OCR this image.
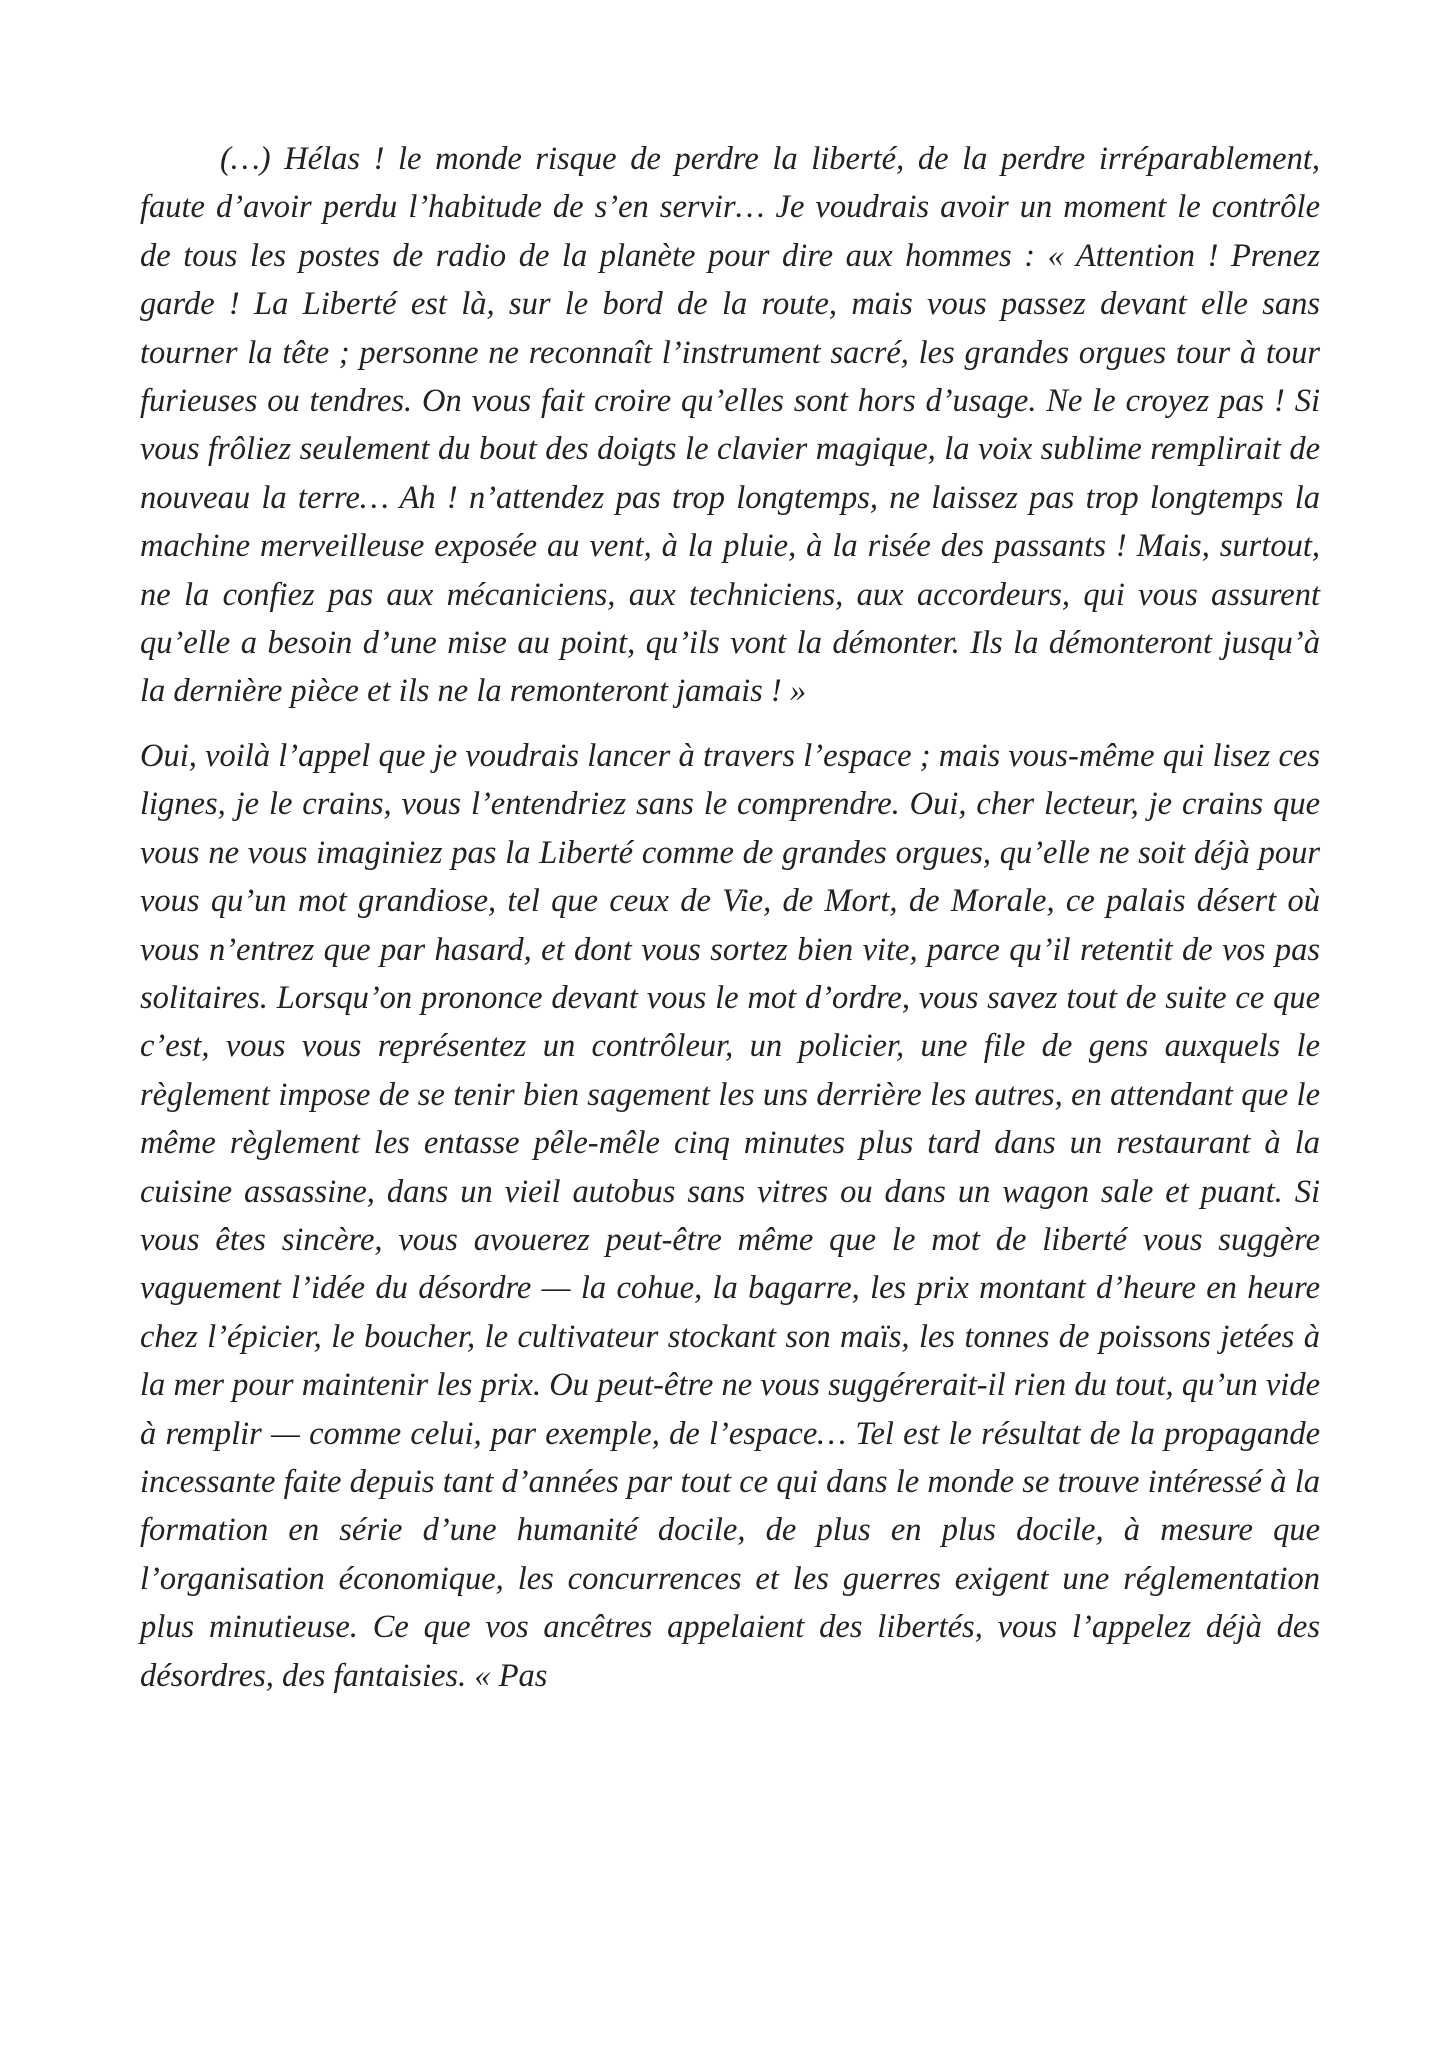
(…) Hélas ! le monde risque de perdre la liberté, de la perdre irréparablement, faute d’avoir perdu l’habitude de s’en servir… Je voudrais avoir un moment le contrôle de tous les postes de radio de la planète pour dire aux hommes : « Attention ! Prenez garde ! La Liberté est là, sur le bord de la route, mais vous passez devant elle sans tourner la tête ; personne ne reconnaît l’instrument sacré, les grandes orgues tour à tour furieuses ou tendres. On vous fait croire qu’elles sont hors d’usage. Ne le croyez pas ! Si vous frôliez seulement du bout des doigts le clavier magique, la voix sublime remplirait de nouveau la terre… Ah ! n’attendez pas trop longtemps, ne laissez pas trop longtemps la machine merveilleuse exposée au vent, à la pluie, à la risée des passants ! Mais, surtout, ne la confiez pas aux mécaniciens, aux techniciens, aux accordeurs, qui vous assurent qu’elle a besoin d’une mise au point, qu’ils vont la démonter. Ils la démonteront jusqu’à la dernière pièce et ils ne la remonteront jamais ! »

Oui, voilà l’appel que je voudrais lancer à travers l’espace ; mais vous-même qui lisez ces lignes, je le crains, vous l’entendriez sans le comprendre. Oui, cher lecteur, je crains que vous ne vous imaginiez pas la Liberté comme de grandes orgues, qu’elle ne soit déjà pour vous qu’un mot grandiose, tel que ceux de Vie, de Mort, de Morale, ce palais désert où vous n’entrez que par hasard, et dont vous sortez bien vite, parce qu’il retentit de vos pas solitaires. Lorsqu’on prononce devant vous le mot d’ordre, vous savez tout de suite ce que c’est, vous vous représentez un contrôleur, un policier, une file de gens auxquels le règlement impose de se tenir bien sagement les uns derrière les autres, en attendant que le même règlement les entasse pêle-mêle cinq minutes plus tard dans un restaurant à la cuisine assassine, dans un vieil autobus sans vitres ou dans un wagon sale et puant. Si vous êtes sincère, vous avouerez peut-être même que le mot de liberté vous suggère vaguement l’idée du désordre — la cohue, la bagarre, les prix montant d’heure en heure chez l’épicier, le boucher, le cultivateur stockant son maïs, les tonnes de poissons jetées à la mer pour maintenir les prix. Ou peut-être ne vous suggérerait-il rien du tout, qu’un vide à remplir — comme celui, par exemple, de l’espace… Tel est le résultat de la propagande incessante faite depuis tant d’années par tout ce qui dans le monde se trouve intéressé à la formation en série d’une humanité docile, de plus en plus docile, à mesure que l’organisation économique, les concurrences et les guerres exigent une réglementation plus minutieuse. Ce que vos ancêtres appelaient des libertés, vous l’appelez déjà des désordres, des fantaisies. « Pas
